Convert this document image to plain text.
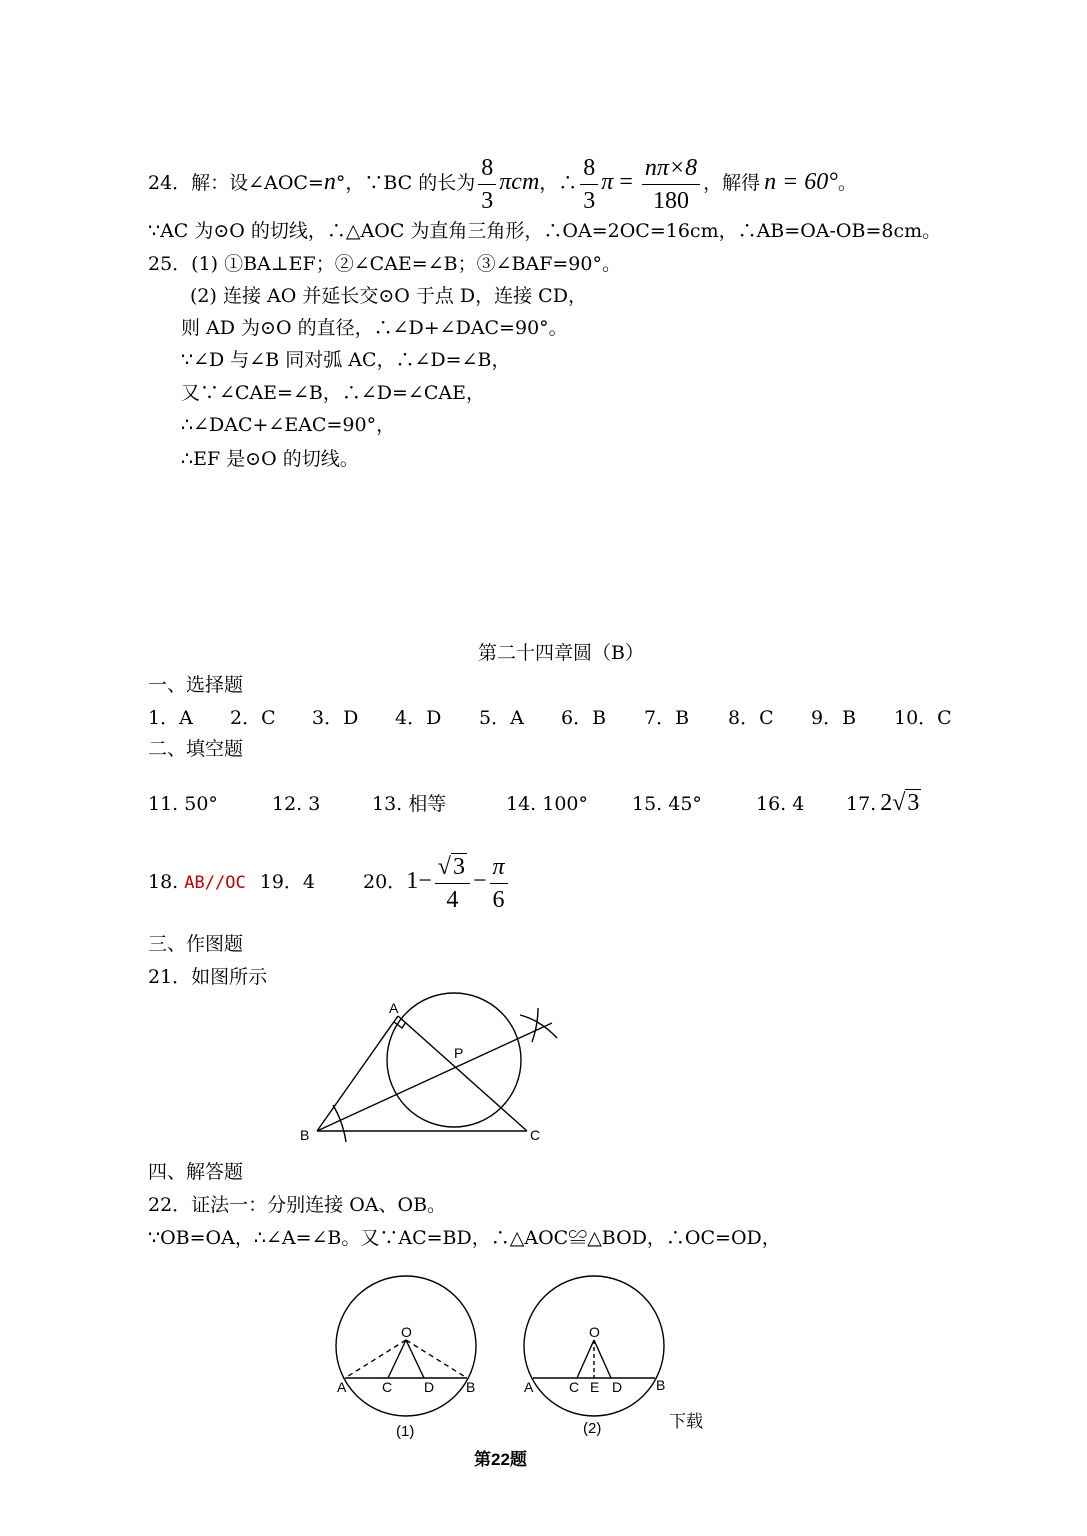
24．解：设∠AOC=n°，∵BC 的长为 $\frac{8}{3}$ πcm，∴ $\frac{8}{3}$ $\pi = \frac{n\pi\times 8}{180}$ ，解得 n = 60°。
∵AC 为⊙O 的切线，∴△AOC 为直角三角形，∴OA=2OC=16cm，∴AB=OA-OB=8cm。
25．(1) ①BA⊥EF；②∠CAE=∠B；③∠BAF=90°。
(2) 连接 AO 并延长交⊙O 于点 D，连接 CD，
则 AD 为⊙O 的直径，∴∠D+∠DAC=90°。
∵∠D 与∠B 同对弧 AC，∴∠D=∠B，
又∵∠CAE=∠B，∴∠D=∠CAE，
∴∠DAC+∠EAC=90°，
∴EF 是⊙O 的切线。
第二十四章圆（B）
一、选择题
1．A 2．C 3．D 4．D 5．A 6．B 7．B 8．C 9．B 10．C
二、填空题
11. 50°	12. 3	13. 相等	14. 100° 15. 45°	16. 4 17. 2√3
18. AB//OC 19．4	20．$1- \frac{√3}{4} - \frac{\pi}{6}$
三、作图题
21．如图所示
A
B	C
P
四、解答题
22．证法一：分别连接 OA、OB。
∵OB=OA，∴∠A=∠B。又∵AC=BD，∴△AOC≌△BOD，∴OC=OD，
O
A	C D B
O
A	C E D B
(1)	(2)	下载
第22题
